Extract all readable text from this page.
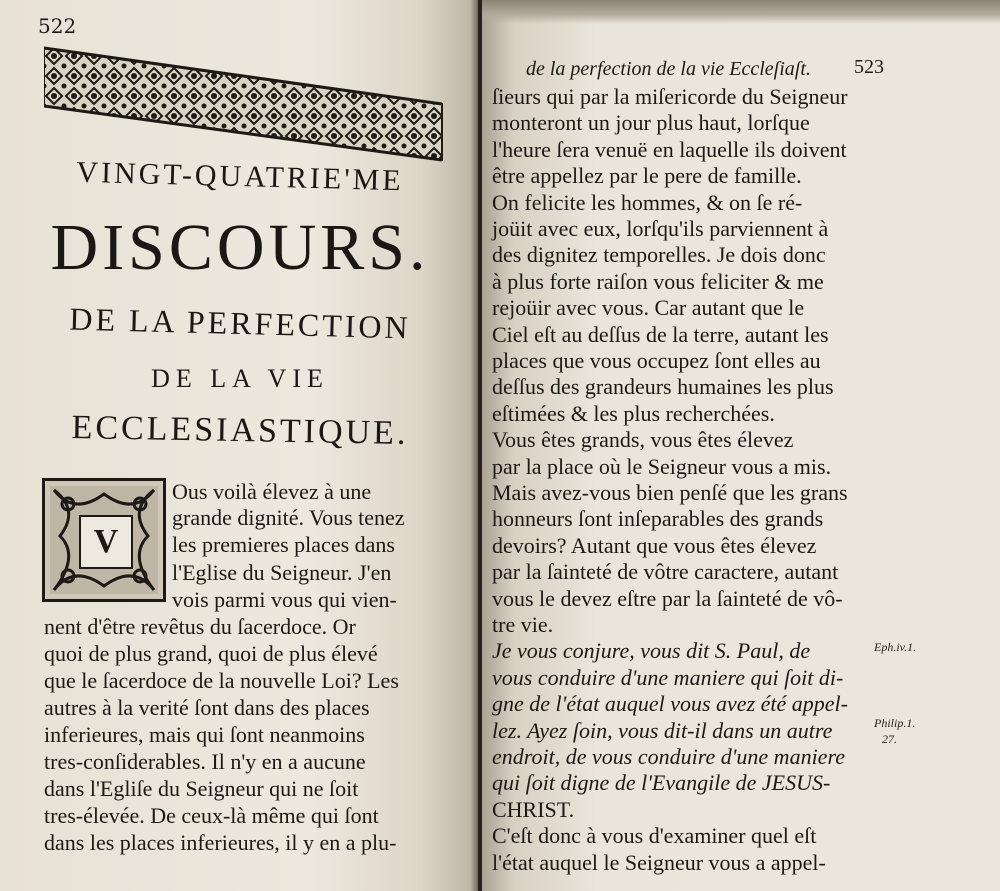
522
VINGT-QUATRIE'ME
DISCOURS.
DE LA PERFECTION
DE LA VIE
ECCLESIASTIQUE.
V
Ous voilà élevez à une
grande dignité. Vous tenez
les premieres places dans
l'Eglise du Seigneur. J'en
vois parmi vous qui vien-
nent d'être revêtus du ſacerdoce. Or
quoi de plus grand, quoi de plus élevé
que le ſacerdoce de la nouvelle Loi? Les
autres à la verité ſont dans des places
inferieures, mais qui ſont neanmoins
tres-conſiderables. Il n'y en a aucune
dans l'Egliſe du Seigneur qui ne ſoit
tres-élevée. De ceux-là même qui ſont
dans les places inferieures, il y en a plu-
de la perfection de la vie Eccleſiaſt. 523
ſieurs qui par la miſericorde du Seigneur
monteront un jour plus haut, lorſque
l'heure ſera venuë en laquelle ils doivent
être appellez par le pere de famille.
On felicite les hommes, & on ſe ré-
joüit avec eux, lorſqu'ils parviennent à
des dignitez temporelles. Je dois donc
à plus forte raiſon vous feliciter & me
rejoüir avec vous. Car autant que le
Ciel eſt au deſſus de la terre, autant les
places que vous occupez ſont elles au
deſſus des grandeurs humaines les plus
eſtimées & les plus recherchées.
Vous êtes grands, vous êtes élevez
par la place où le Seigneur vous a mis.
Mais avez-vous bien penſé que les grans
honneurs ſont inſeparables des grands
devoirs? Autant que vous êtes élevez
par la ſainteté de vôtre caractere, autant
vous le devez eſtre par la ſainteté de vô-
tre vie.
Je vous conjure, vous dit S. Paul, de
vous conduire d'une maniere qui ſoit di-
gne de l'état auquel vous avez été appel-
lez. Ayez ſoin, vous dit-il dans un autre
endroit, de vous conduire d'une maniere
qui ſoit digne de l'Evangile de JESUS-
CHRIST.
C'eſt donc à vous d'examiner quel eſt
l'état auquel le Seigneur vous a appel-
Eph.iv.1.
Philip.1.
27.
